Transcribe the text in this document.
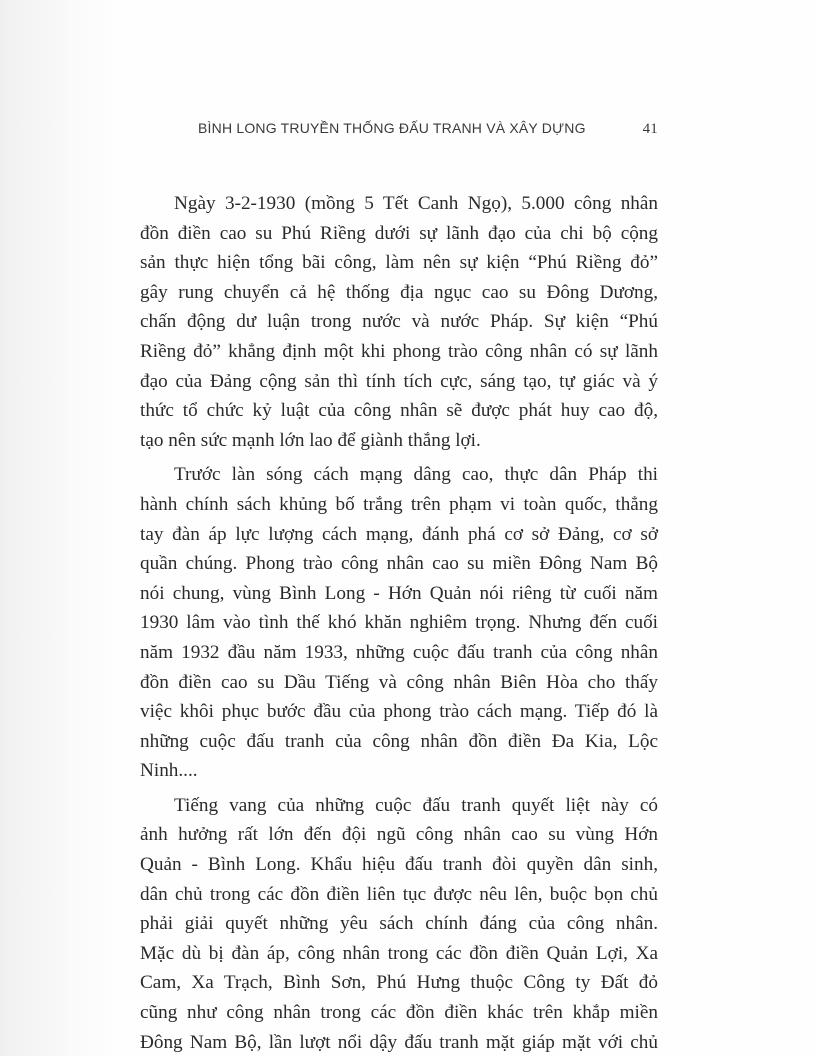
BÌNH LONG TRUYỀN THỐNG ĐẤU TRANH VÀ XÂY DỰNG	41
Ngày 3-2-1930 (mồng 5 Tết Canh Ngọ), 5.000 công nhân
đồn điền cao su Phú Riềng dưới sự lãnh đạo của chi bộ cộng
sản thực hiện tổng bãi công, làm nên sự kiện “Phú Riềng đỏ”
gây rung chuyển cả hệ thống địa ngục cao su Đông Dương,
chấn động dư luận trong nước và nước Pháp. Sự kiện “Phú
Riềng đỏ” khẳng định một khi phong trào công nhân có sự lãnh
đạo của Đảng cộng sản thì tính tích cực, sáng tạo, tự giác và ý
thức tổ chức kỷ luật của công nhân sẽ được phát huy cao độ,
tạo nên sức mạnh lớn lao để giành thắng lợi.
Trước làn sóng cách mạng dâng cao, thực dân Pháp thi
hành chính sách khủng bố trắng trên phạm vi toàn quốc, thẳng
tay đàn áp lực lượng cách mạng, đánh phá cơ sở Đảng, cơ sở
quần chúng. Phong trào công nhân cao su miền Đông Nam Bộ
nói chung, vùng Bình Long - Hớn Quản nói riêng từ cuối năm
1930 lâm vào tình thế khó khăn nghiêm trọng. Nhưng đến cuối
năm 1932 đầu năm 1933, những cuộc đấu tranh của công nhân
đồn điền cao su Dầu Tiếng và công nhân Biên Hòa cho thấy
việc khôi phục bước đầu của phong trào cách mạng. Tiếp đó là
những cuộc đấu tranh của công nhân đồn điền Đa Kia, Lộc
Ninh....
Tiếng vang của những cuộc đấu tranh quyết liệt này có
ảnh hưởng rất lớn đến đội ngũ công nhân cao su vùng Hớn
Quản - Bình Long. Khẩu hiệu đấu tranh đòi quyền dân sinh,
dân chủ trong các đồn điền liên tục được nêu lên, buộc bọn chủ
phải giải quyết những yêu sách chính đáng của công nhân.
Mặc dù bị đàn áp, công nhân trong các đồn điền Quản Lợi, Xa
Cam, Xa Trạch, Bình Sơn, Phú Hưng thuộc Công ty Đất đỏ
cũng như công nhân trong các đồn điền khác trên khắp miền
Đông Nam Bộ, lần lượt nổi dậy đấu tranh mặt giáp mặt với chủ
